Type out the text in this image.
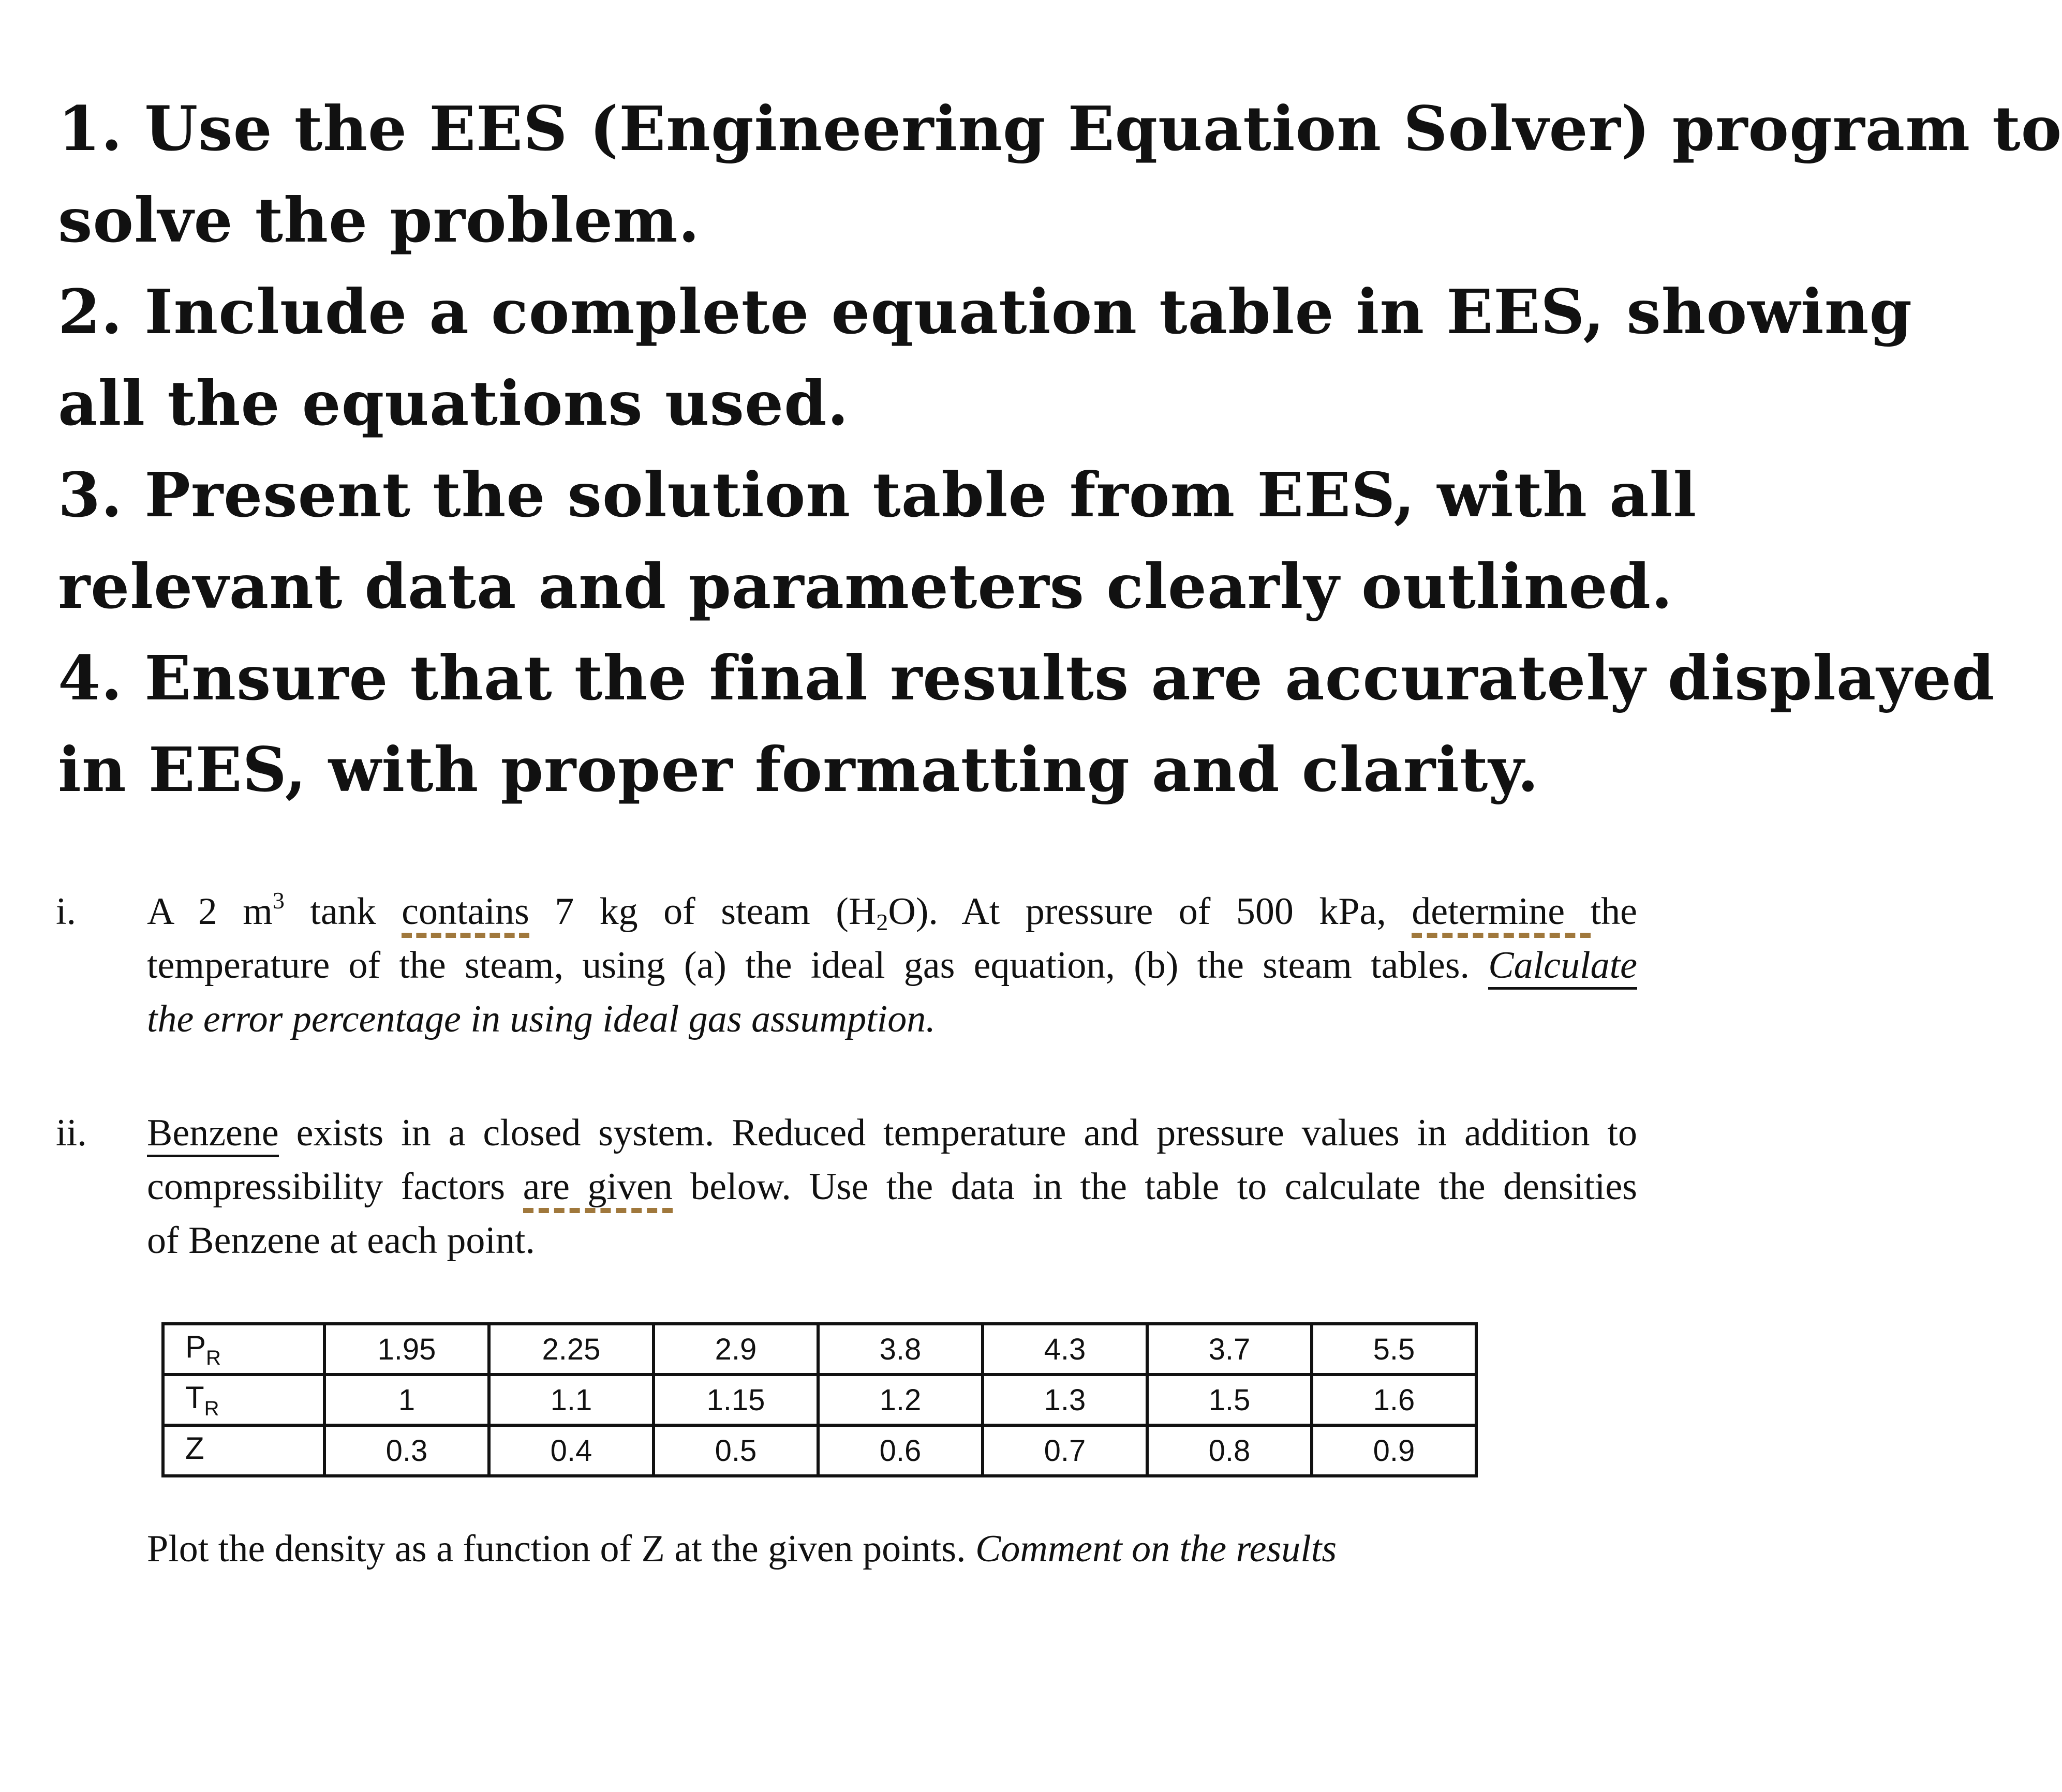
1. Use the EES (Engineering Equation Solver) program to
solve the problem.
2. Include a complete equation table in EES, showing
all the equations used.
3. Present the solution table from EES, with all
relevant data and parameters clearly outlined.
4. Ensure that the final results are accurately displayed
in EES, with proper formatting and clarity.
i. A 2 $m^3$ tank contains 7 kg of steam $(H_2O)$. At pressure of 500 kPa, determine the
temperature of the steam, using (a) the ideal gas equation, (b) the steam tables. Calculate
the error percentage in using ideal gas assumption.
ii. Benzene exists in a closed system. Reduced temperature and pressure values in addition to
compressibility factors are given below. Use the data in the table to calculate the densities
of Benzene at each point.
$P_R$	1.95	2.25	2.9	3.8	4.3	3.7	5.5
$T_R$	1	1.1	1.15	1.2	1.3	1.5	1.6
Z	0.3	0.4	0.5	0.6	0.7	0.8	0.9
Plot the density as a function of Z at the given points. Comment on the results
